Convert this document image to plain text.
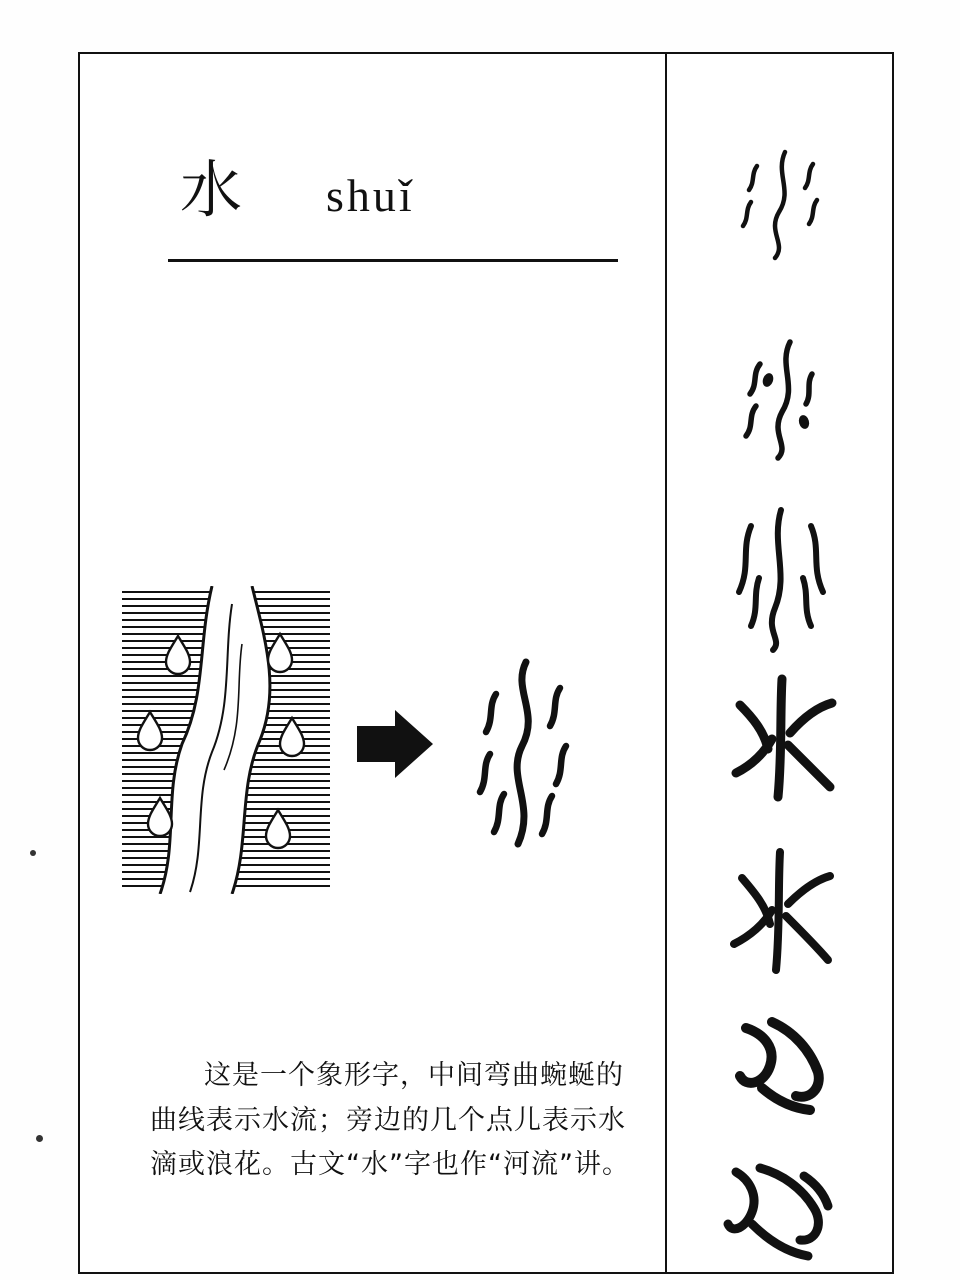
水 shuǐ

这是一个象形字，中间弯曲蜿蜒的曲线表示水流；旁边的几个点儿表示水滴或浪花。古文“水”字也作“河流”讲。
